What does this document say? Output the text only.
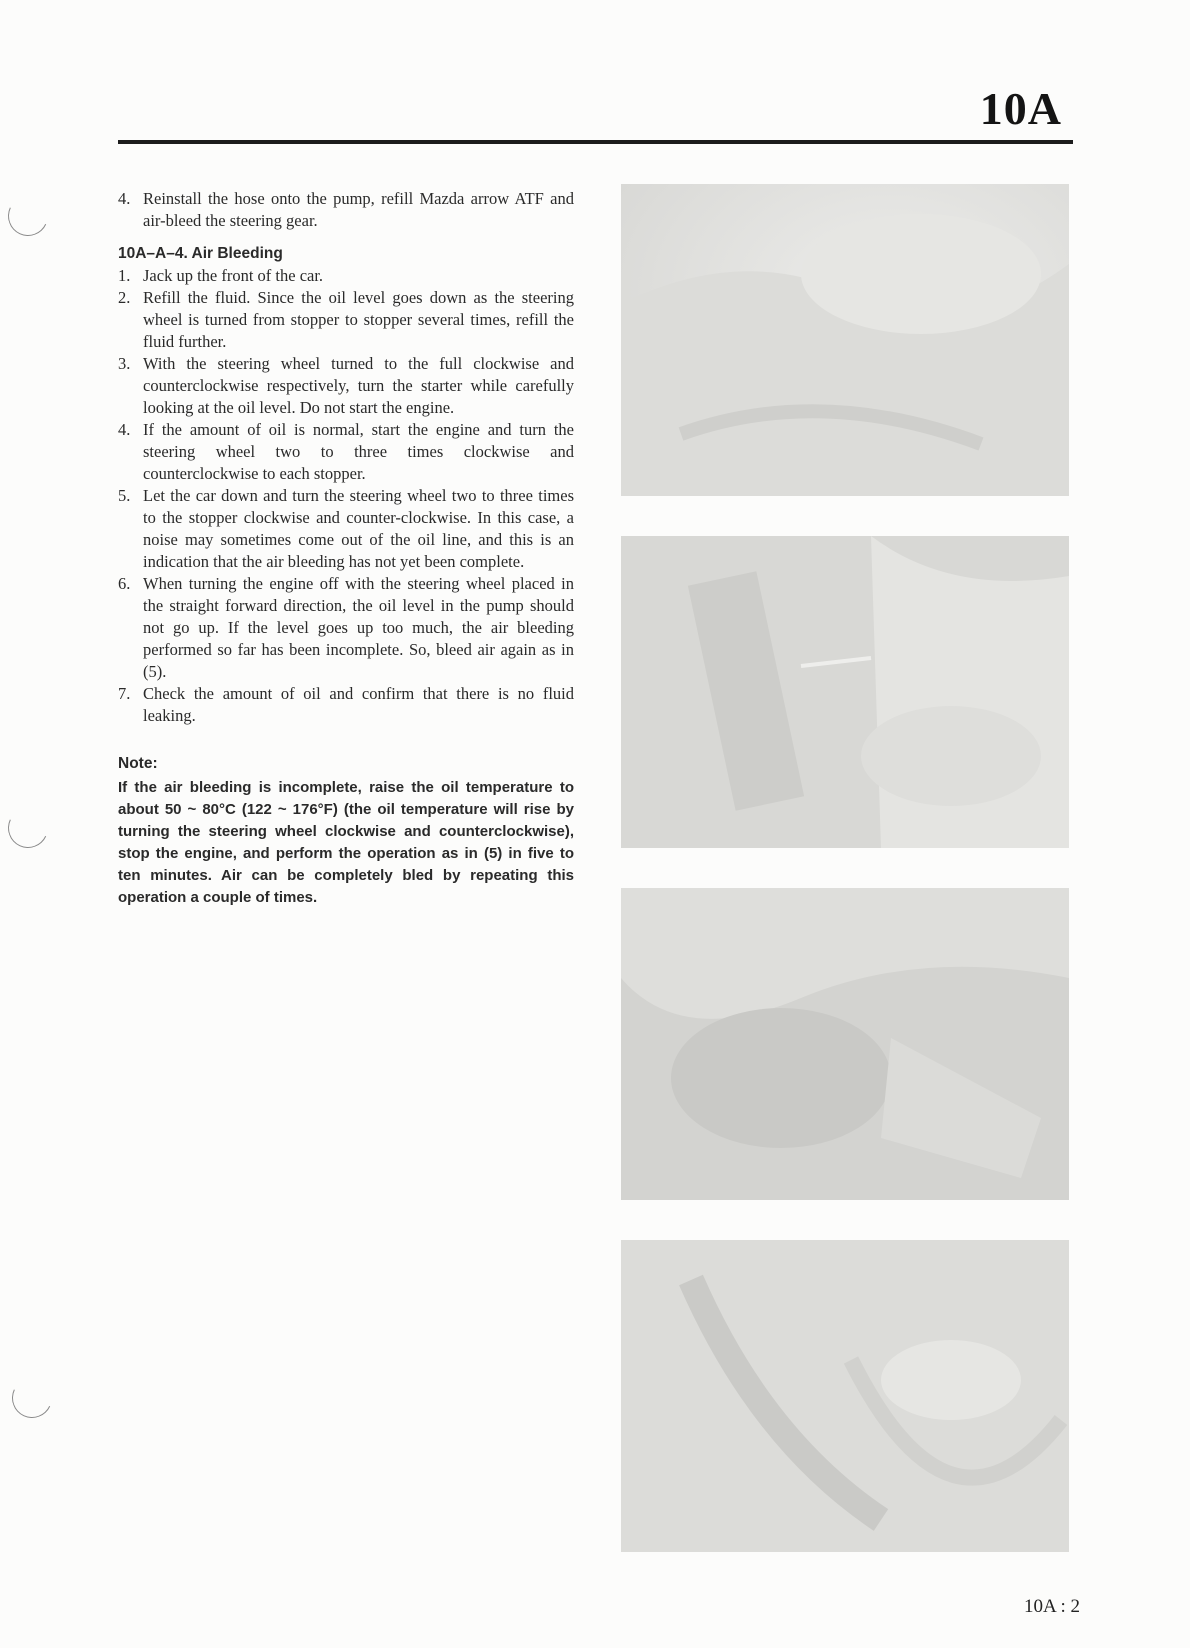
10A
4. Reinstall the hose onto the pump, refill Mazda arrow ATF and air-bleed the steering gear.
10A–A–4. Air Bleeding
1. Jack up the front of the car.
2. Refill the fluid. Since the oil level goes down as the steering wheel is turned from stopper to stopper several times, refill the fluid further.
3. With the steering wheel turned to the full clockwise and counterclockwise respectively, turn the starter while carefully looking at the oil level. Do not start the engine.
4. If the amount of oil is normal, start the engine and turn the steering wheel two to three times clockwise and counterclockwise to each stopper.
5. Let the car down and turn the steering wheel two to three times to the stopper clockwise and counter-clockwise. In this case, a noise may sometimes come out of the oil line, and this is an indication that the air bleeding has not yet been complete.
6. When turning the engine off with the steering wheel placed in the straight forward direction, the oil level in the pump should not go up. If the level goes up too much, the air bleeding performed so far has been incomplete. So, bleed air again as in (5).
7. Check the amount of oil and confirm that there is no fluid leaking.
Note:
If the air bleeding is incomplete, raise the oil temperature to about 50 ~ 80°C (122 ~ 176°F) (the oil temperature will rise by turning the steering wheel clockwise and counterclockwise), stop the engine, and perform the operation as in (5) in five to ten minutes. Air can be completely bled by repeating this operation a couple of times.
10A : 2
